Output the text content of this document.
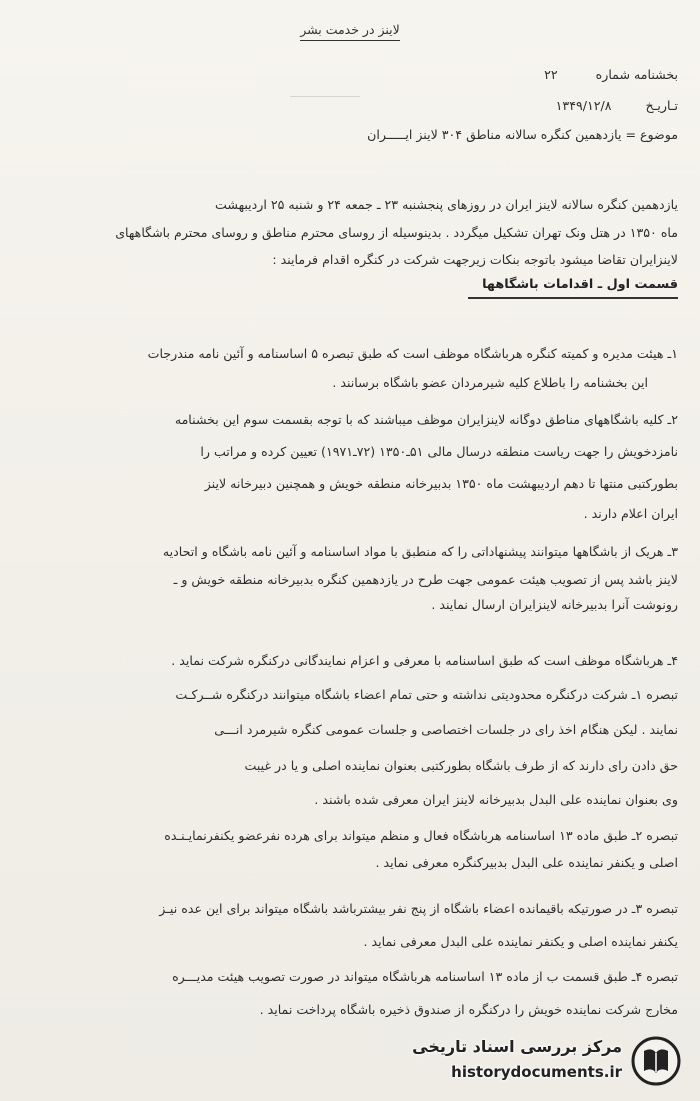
لاینز در خدمت بشر
بخشنامه شماره  ۲۲
تـاریـخ  ۱۳۴۹/۱۲/۸
موضوع = یازدهمین کنگره سالانه مناطق ۳۰۴ لاینز ایـــــران
یازدهمین کنگره سالانه لاینز ایران در روزهای پنجشنبه ۲۳ ـ جمعه ۲۴ و شنبه ۲۵ اردیبهشت
ماه ۱۳۵۰ در هتل ونک تهران تشکیل میگردد . بدینوسیله از روسای محترم مناطق و روسای محترم باشگاههای
لاینزایران تقاضا میشود باتوجه بنکات زیرجهت شرکت در کنگره اقدام فرمایند :
قسمت اول ـ اقدامات باشگاهها
۱ـ هیئت مدیره و کمیته کنگره هرباشگاه موظف است که طبق تبصره ۵ اساسنامه و آئین نامه مندرجات
این بخشنامه را باطلاع کلیه شیرمردان عضو باشگاه برسانند .
۲ـ کلیه باشگاههای مناطق دوگانه لاینزایران موظف میباشند که با توجه بقسمت سوم این بخشنامه
نامزدخویش را جهت ریاست منطقه درسال مالی ۵۱ـ۱۳۵۰ (۷۲ـ۱۹۷۱) تعیین کرده و مراتب را
بطورکتبی منتها تا دهم اردیبهشت ماه ۱۳۵۰ بدبیرخانه منطقه خویش و همچنین دبیرخانه لاینز
ایران اعلام دارند .
۳ـ هریک از باشگاهها میتوانند پیشنهاداتی را که منطبق با مواد اساسنامه و آئین نامه باشگاه و اتحادیه
لاینز باشد پس از تصویب هیئت عمومی جهت طرح در یازدهمین کنگره بدبیرخانه منطقه خویش و ـ
رونوشت آنرا بدبیرخانه لاینزایران ارسال نمایند .
۴ـ هرباشگاه موظف است که طبق اساسنامه با معرفی و اعزام نمایندگانی درکنگره شرکت نماید .
تبصره ۱ـ شرکت درکنگره محدودیتی نداشته و حتی تمام اعضاء باشگاه میتوانند درکنگره شــرکـت
نمایند . لیکن هنگام اخذ رای در جلسات اختصاصی و جلسات عمومی کنگره شیرمرد انـــی
حق دادن رای دارند که از طرف باشگاه بطورکتبی بعنوان نماینده اصلی و یا در غیبت
وی بعنوان نماینده علی البدل بدبیرخانه لاینز ایران معرفی شده باشند .
تبصره ۲ـ طبق ماده ۱۳ اساسنامه هرباشگاه فعال و منظم میتواند برای هرده نفرعضو یکنفرنمایـنـده
اصلی و یکنفر نماینده علی البدل بدبیرکنگره معرفی نماید .
تبصره ۳ـ در صورتیکه باقیمانده اعضاء باشگاه از پنج نفر بیشترباشد باشگاه میتواند برای این عده نیـز
یکنفر نماینده اصلی و یکنفر نماینده علی البدل معرفی نماید .
تبصره ۴ـ طبق قسمت ب از ماده ۱۳ اساسنامه هرباشگاه میتواند در صورت تصویب هیئت مدیـــره
مخارج شرکت نماینده خویش را درکنگره از صندوق ذخیره باشگاه پرداخت نماید .
مرکز بررسی اسناد تاریخی
historydocuments.ir
